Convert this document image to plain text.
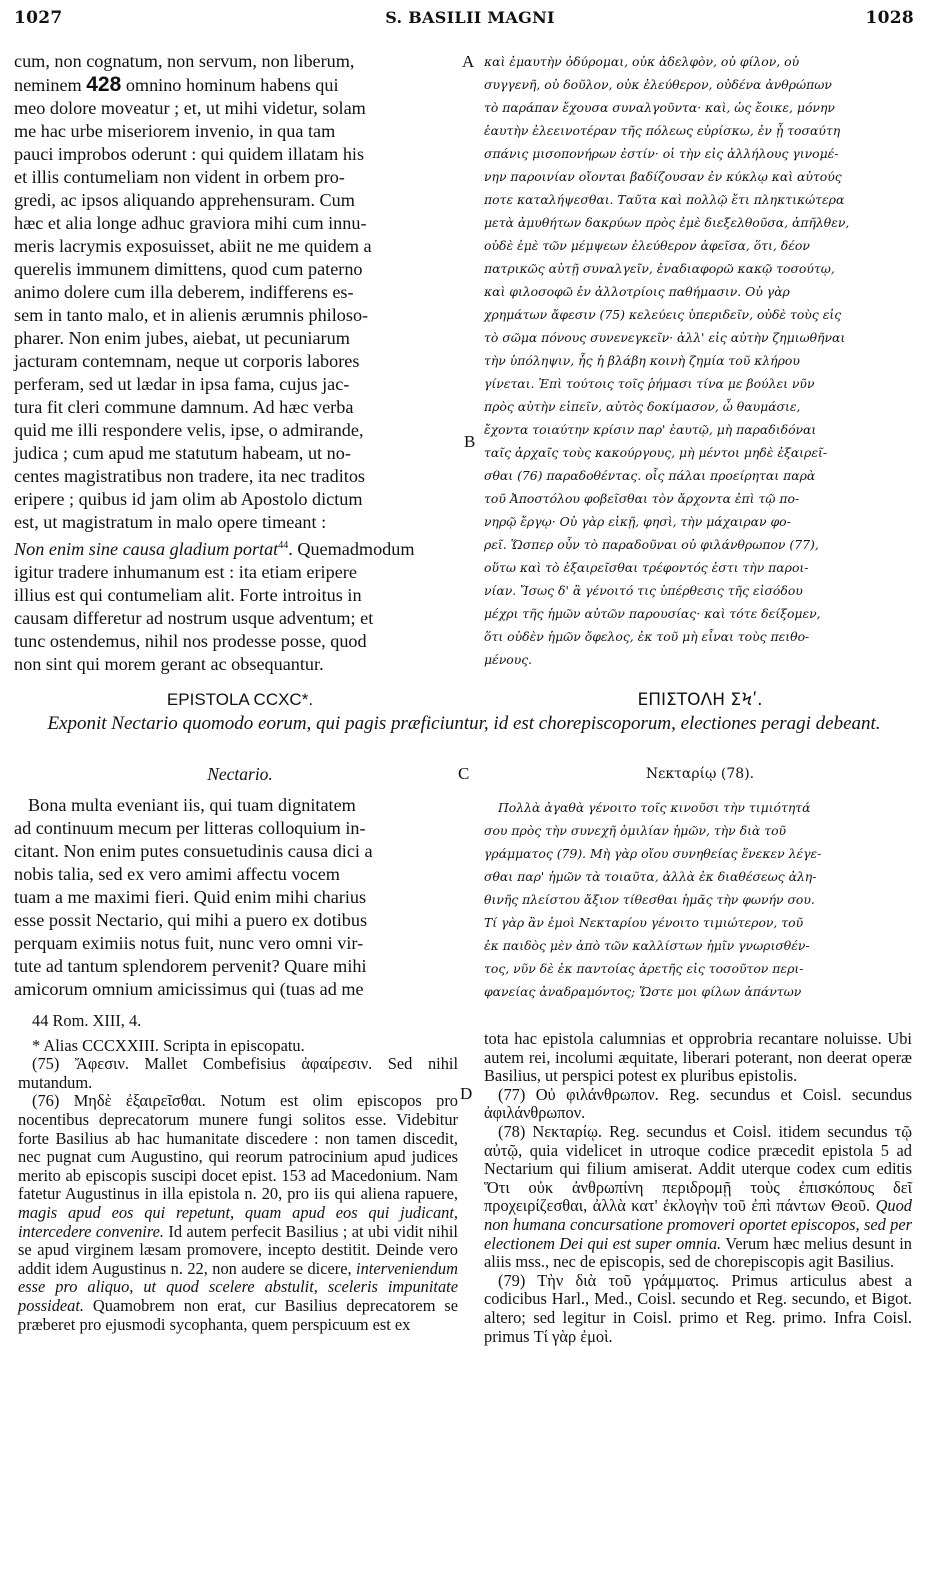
1027	S. BASILII MAGNI	1028

cum, non cognatum, non servum, non liberum,

neminem 428 omnino hominum habens qui

meo dolore moveatur ; et, ut mihi videtur, solam

me hac urbe miseriorem invenio, in qua tam

pauci improbos oderunt : qui quidem illatam his

et illis contumeliam non vident in orbem pro-

gredi, ac ipsos aliquando apprehensuram. Cum

hæc et alia longe adhuc graviora mihi cum innu-

meris lacrymis exposuisset, abiit ne me quidem a

querelis immunem dimittens, quod cum paterno

animo dolere cum illa deberem, indifferens es-

sem in tanto malo, et in alienis ærumnis philoso-

pharer. Non enim jubes, aiebat, ut pecuniarum

jacturam contemnam, neque ut corporis labores

perferam, sed ut lædar in ipsa fama, cujus jac-

tura fit cleri commune damnum. Ad hæc verba

quid me illi respondere velis, ipse, o admirande,

judica ; cum apud me statutum habeam, ut no-

centes magistratibus non tradere, ita nec traditos

eripere ; quibus id jam olim ab Apostolo dictum

est, ut magistratum in malo opere timeant :

Non enim sine causa gladium portat$^{44}$. Quemadmodum

igitur tradere inhumanum est : ita etiam eripere

illius est qui contumeliam alit. Forte introitus in

causam differetur ad nostrum usque adventum; et

tunc ostendemus, nihil nos prodesse posse, quod

non sint qui morem gerant ac obsequantur.

καὶ ἐμαυτὴν ὀδύρομαι, οὐκ ἀδελφὸν, οὐ φίλον, οὐ

συγγενῆ, οὐ δοῦλον, οὐκ ἐλεύθερον, οὐδένα ἀνθρώπων

τὸ παράπαν ἔχουσα συναλγοῦντα· καὶ, ὡς ἔοικε, μόνην

ἑαυτὴν ἐλεεινοτέραν τῆς πόλεως εὑρίσκω, ἐν ᾗ τοσαύτη

σπάνις μισοπονήρων ἐστίν· οἱ τὴν εἰς ἀλλήλους γινομέ-

νην παροινίαν οἴονται βαδίζουσαν ἐν κύκλῳ καὶ αὐτούς

ποτε καταλήψεσθαι. Ταῦτα καὶ πολλῷ ἔτι πληκτικώτερα

μετὰ ἀμυθήτων δακρύων πρὸς ἐμὲ διεξελθοῦσα, ἀπῆλθεν,

οὐδὲ ἐμὲ τῶν μέμψεων ἐλεύθερον ἀφεῖσα, ὅτι, δέον

πατρικῶς αὐτῇ συναλγεῖν, ἐναδιαφορῶ κακῷ τοσούτῳ,

καὶ φιλοσοφῶ ἐν ἀλλοτρίοις παθήμασιν. Οὐ γὰρ

χρημάτων ἄφεσιν (75) κελεύεις ὑπεριδεῖν, οὐδὲ τοὺς εἰς

τὸ σῶμα πόνους συνενεγκεῖν· ἀλλ' εἰς αὐτὴν ζημιωθῆναι

τὴν ὑπόληψιν, ἧς ἡ βλάβη κοινὴ ζημία τοῦ κλήρου

γίνεται. Ἐπὶ τούτοις τοῖς ῥήμασι τίνα με βούλει νῦν

πρὸς αὐτὴν εἰπεῖν, αὐτὸς δοκίμασον, ὦ θαυμάσιε,

ἔχοντα τοιαύτην κρίσιν παρ' ἑαυτῷ, μὴ παραδιδόναι

ταῖς ἀρχαῖς τοὺς κακούργους, μὴ μέντοι μηδὲ ἐξαιρεῖ-

σθαι (76) παραδοθέντας. οἷς πάλαι προείρηται παρὰ

τοῦ Ἀποστόλου φοβεῖσθαι τὸν ἄρχοντα ἐπὶ τῷ πο-

νηρῷ ἔργῳ· Οὐ γὰρ εἰκῇ, φησὶ, τὴν μάχαιραν φο-

ρεῖ. Ὥσπερ οὖν τὸ παραδοῦναι οὐ φιλάνθρωπον (77),

οὕτω καὶ τὸ ἐξαιρεῖσθαι τρέφοντός ἐστι τὴν παροι-

νίαν. Ἴσως δ' ἂ γένοιτό τις ὑπέρθεσις τῆς εἰσόδου

μέχρι τῆς ἡμῶν αὐτῶν παρουσίας· καὶ τότε δείξομεν,

ὅτι οὐδὲν ἡμῶν ὄφελος, ἐκ τοῦ μὴ εἶναι τοὺς πειθο-

μένους.

A
B
C
D
EPISTOLA CCXC*.	ΕΠΙΣΤΟΛΗ ΣϞʹ.
Exponit Nectario quomodo eorum, qui pagis præficiuntur, id est chorepiscoporum, electiones peragi debeant.
Nectario.	Νεκταρίῳ (78).

Bona multa eveniant iis, qui tuam dignitatem

ad continuum mecum per litteras colloquium in-

citant. Non enim putes consuetudinis causa dici a

nobis talia, sed ex vero amimi affectu vocem

tuam a me maximi fieri. Quid enim mihi charius

esse possit Nectario, qui mihi a puero ex dotibus

perquam eximiis notus fuit, nunc vero omni vir-

tute ad tantum splendorem pervenit? Quare mihi

amicorum omnium amicissimus qui (tuas ad me

Πολλὰ ἀγαθὰ γένοιτο τοῖς κινοῦσι τὴν τιμιότητά

σου πρὸς τὴν συνεχῆ ὁμιλίαν ἡμῶν, τὴν διὰ τοῦ

γράμματος (79). Μὴ γὰρ οἴου συνηθείας ἕνεκεν λέγε-

σθαι παρ' ἡμῶν τὰ τοιαῦτα, ἀλλὰ ἐκ διαθέσεως ἀλη-

θινῆς πλείστου ἄξιον τίθεσθαι ἡμᾶς τὴν φωνήν σου.

Τί γὰρ ἂν ἐμοὶ Νεκταρίου γένοιτο τιμιώτερον, τοῦ

ἐκ παιδὸς μὲν ἀπὸ τῶν καλλίστων ἡμῖν γνωρισθέν-

τος, νῦν δὲ ἐκ παντοίας ἀρετῆς εἰς τοσοῦτον περι-

φανείας ἀναδραμόντος; Ὥστε μοι φίλων ἀπάντων

44 Rom. XIII, 4.

* Alias CCCXXIII. Scripta in episcopatu.

(75) Ἄφεσιν. Mallet Combefisius ἀφαίρεσιν. Sed nihil mutandum.

(76) Μηδὲ ἐξαιρεῖσθαι. Notum est olim episcopos pro nocentibus deprecatorum munere fungi solitos esse. Videbitur forte Basilius ab hac humanitate discedere : non tamen discedit, nec pugnat cum Augustino, qui reorum patrocinium apud judices merito ab episcopis suscipi docet epist. 153 ad Macedonium. Nam fatetur Augustinus in illa epistola n. 20, pro iis qui aliena rapuere, magis apud eos qui repetunt, quam apud eos qui judicant, intercedere convenire. Id autem perfecit Basilius ; at ubi vidit nihil se apud virginem læsam promovere, incepto destitit. Deinde vero addit idem Augustinus n. 22, non audere se dicere, interveniendum esse pro aliquo, ut quod scelere abstulit, sceleris impunitate possideat. Quamobrem non erat, cur Basilius deprecatorem se præberet pro ejusmodi sycophanta, quem perspicuum est ex

tota hac epistola calumnias et opprobria recantare noluisse. Ubi autem rei, incolumi æquitate, liberari poterant, non deerat operæ Basilius, ut perspici potest ex pluribus epistolis.

(77) Οὐ φιλάνθρωπον. Reg. secundus et Coisl. secundus ἀφιλάνθρωπον.

(78) Νεκταρίῳ. Reg. secundus et Coisl. itidem secundus τῷ αὐτῷ, quia videlicet in utroque codice præcedit epistola 5 ad Nectarium qui filium amiserat. Addit uterque codex cum editis Ὅτι οὐκ ἀνθρωπίνη περιδρομῇ τοὺς ἐπισκόπους δεῖ προχειρίζεσθαι, ἀλλὰ κατ' ἐκλογὴν τοῦ ἐπὶ πάντων Θεοῦ. Quod non humana concursatione promoveri oportet episcopos, sed per electionem Dei qui est super omnia. Verum hæc melius desunt in aliis mss., nec de episcopis, sed de chorepiscopis agit Basilius.

(79) Τὴν διὰ τοῦ γράμματος. Primus articulus abest a codicibus Harl., Med., Coisl. secundo et Reg. secundo, et Bigot. altero; sed legitur in Coisl. primo et Reg. primo. Infra Coisl. primus Τί γὰρ ἐμοὶ.
